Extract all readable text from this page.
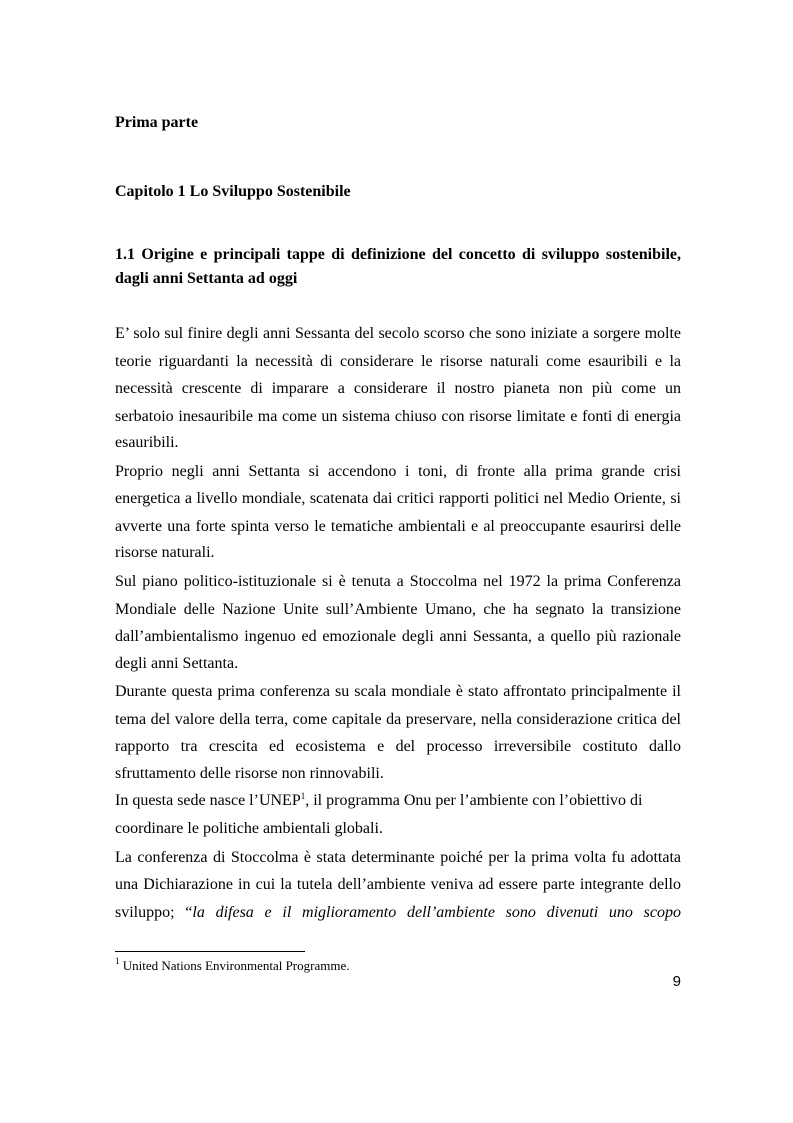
Prima parte
Capitolo 1 Lo Sviluppo Sostenibile
1.1 Origine e principali tappe di definizione del concetto di sviluppo sostenibile,
dagli anni Settanta ad oggi
E’ solo sul finire degli anni Sessanta del secolo scorso che sono iniziate a sorgere molte
teorie riguardanti la necessità di considerare le risorse naturali come esauribili e la
necessità crescente di imparare a considerare il nostro pianeta non più come un
serbatoio inesauribile ma come un sistema chiuso con risorse limitate e fonti di energia
esauribili.
Proprio negli anni Settanta si accendono i toni, di fronte alla prima grande crisi
energetica a livello mondiale, scatenata dai critici rapporti politici nel Medio Oriente, si
avverte una forte spinta verso le tematiche ambientali e al preoccupante esaurirsi delle
risorse naturali.
Sul piano politico-istituzionale si è tenuta a Stoccolma nel 1972 la prima Conferenza
Mondiale delle Nazione Unite sull’Ambiente Umano, che ha segnato la transizione
dall’ambientalismo ingenuo ed emozionale degli anni Sessanta, a quello più razionale
degli anni Settanta.
Durante questa prima conferenza su scala mondiale è stato affrontato principalmente il
tema del valore della terra, come capitale da preservare, nella considerazione critica del
rapporto tra crescita ed ecosistema e del processo irreversibile costituto dallo
sfruttamento delle risorse non rinnovabili.
In questa sede nasce l’UNEP$^1$, il programma Onu per l’ambiente con l’obiettivo di
coordinare le politiche ambientali globali.
La conferenza di Stoccolma è stata determinante poiché per la prima volta fu adottata
una Dichiarazione in cui la tutela dell’ambiente veniva ad essere parte integrante dello
sviluppo; “la difesa e il miglioramento dell’ambiente sono divenuti uno scopo
$^1$ United Nations Environmental Programme.
9
